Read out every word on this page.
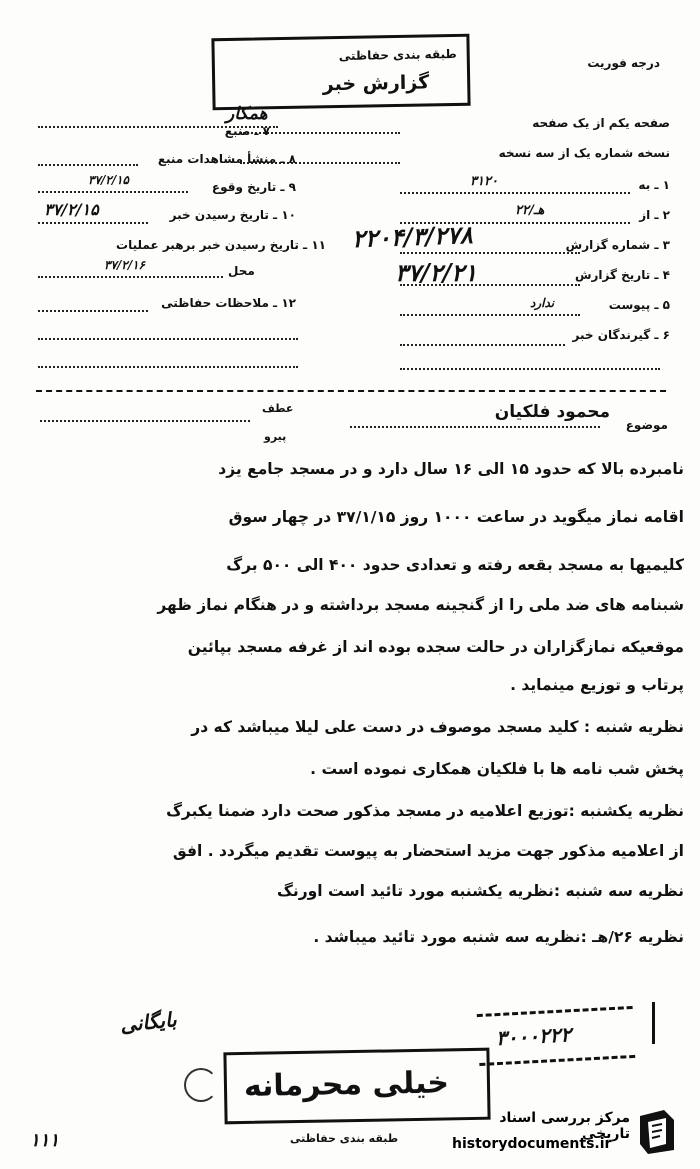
طبقه بندی حفاظتی
گزارش خبر
درجه فوریت
صفحه یکم از یک صفحه
نسخه شماره یک از سه نسخه
۱ ـ به
۳۱۲۰
۲ ـ از
۲۲/هـ
۳ ـ شماره گزارش
۲۲۰۴/۳/۲۷۸
۴ ـ تاریخ گزارش
۳۷/۲/۲۱
۵ ـ پیوست
ندارد
۶ ـ گیرندگان خبر
۷ ـ منبع
همکار
۸ ـ منشأ مشاهدات منبع
۹ ـ تاریخ وقوع
۳۷/۲/۱۵
۱۰ ـ تاریخ رسیدن خبر
۳۷/۲/۱۵
۱۱ ـ تاریخ رسیدن خبر برهبر عملیات
محل
۳۷/۲/۱۶
۱۲ ـ ملاحظات حفاظتی
موضوع
محمود فلکیان
عطف
پیرو
نامبرده بالا که حدود ۱۵ الی ۱۶ سال دارد و در مسجد جامع یزد
اقامه نماز میگوید در ساعت ۱۰۰۰ روز ۳۷/۱/۱۵ در چهار سوق
کلیمیها به مسجد بقعه رفته و تعدادی حدود ۴۰۰ الی ۵۰۰ برگ
شبنامه های ضد ملی را از گنجینه مسجد برداشته و در هنگام نماز ظهر
موقعیکه نمازگزاران در حالت سجده بوده اند از غرفه مسجد بپائین
پرتاب و توزیع مینماید .
نظریه شنبه : کلید مسجد موصوف در دست علی لیلا میباشد که در
پخش شب نامه ها با فلکیان همکاری نموده است .
نظریه یکشنبه :توزیع اعلامیه در مسجد مذکور صحت دارد ضمنا یکبرگ
از اعلامیه مذکور جهت مزید استحضار به پیوست تقدیم میگردد . افق
نظریه سه شنبه :نظریه یکشنبه مورد تائید است اورنگ
نظریه ۲۶/هـ :نظریه سه شنبه مورد تائید میباشد .
بایگانی	۳۰۰۰۲۲۲
خیلی محرمانه
۱۱۱	طبقه بندی حفاظتی
مرکز بررسی اسناد تاریخی
historydocuments.ir
